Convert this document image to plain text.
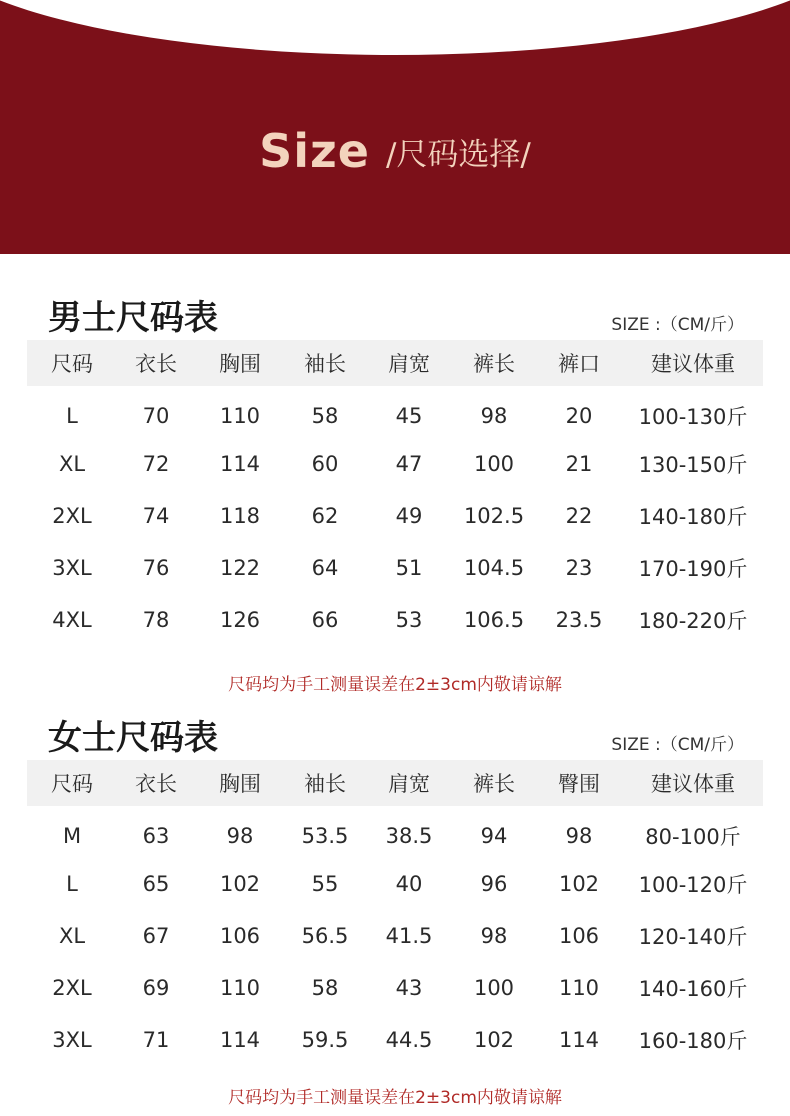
Size /尺码选择/
男士尺码表	SIZE :（CM/斤）
尺码	衣长	胸围	袖长	肩宽	裤长	裤口	建议体重
L	70	110	58	45	98	20	100-130斤
XL	72	114	60	47	100	21	130-150斤
2XL	74	118	62	49	102.5	22	140-180斤
3XL	76	122	64	51	104.5	23	170-190斤
4XL	78	126	66	53	106.5	23.5	180-220斤
尺码均为手工测量误差在2±3cm内敬请谅解
女士尺码表	SIZE :（CM/斤）
尺码	衣长	胸围	袖长	肩宽	裤长	臀围	建议体重
M	63	98	53.5	38.5	94	98	80-100斤
L	65	102	55	40	96	102	100-120斤
XL	67	106	56.5	41.5	98	106	120-140斤
2XL	69	110	58	43	100	110	140-160斤
3XL	71	114	59.5	44.5	102	114	160-180斤
尺码均为手工测量误差在2±3cm内敬请谅解
